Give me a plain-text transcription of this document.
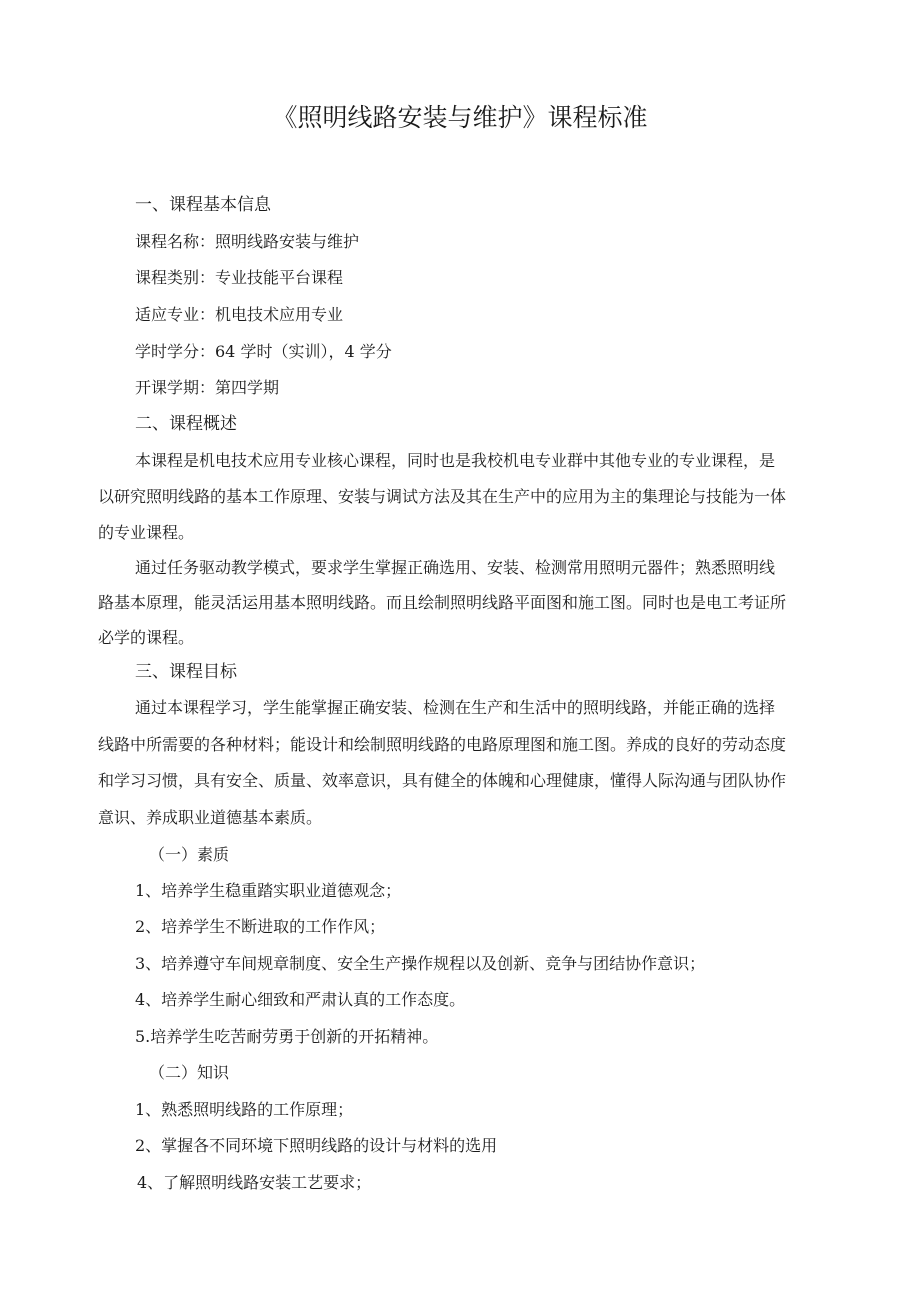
《照明线路安装与维护》课程标准

一、课程基本信息

课程名称：照明线路安装与维护

课程类别：专业技能平台课程

适应专业：机电技术应用专业

学时学分：64 学时（实训），4 学分

开课学期：第四学期

二、课程概述

本课程是机电技术应用专业核心课程，同时也是我校机电专业群中其他专业的专业课程，是

以研究照明线路的基本工作原理、安装与调试方法及其在生产中的应用为主的集理论与技能为一体

的专业课程。

通过任务驱动教学模式，要求学生掌握正确选用、安装、检测常用照明元器件；熟悉照明线

路基本原理，能灵活运用基本照明线路。而且绘制照明线路平面图和施工图。同时也是电工考证所

必学的课程。

三、课程目标

通过本课程学习，学生能掌握正确安装、检测在生产和生活中的照明线路，并能正确的选择

线路中所需要的各种材料；能设计和绘制照明线路的电路原理图和施工图。养成的良好的劳动态度

和学习习惯，具有安全、质量、效率意识，具有健全的体魄和心理健康，懂得人际沟通与团队协作

意识、养成职业道德基本素质。

（一）素质

1、培养学生稳重踏实职业道德观念；

2、培养学生不断进取的工作作风；

3、培养遵守车间规章制度、安全生产操作规程以及创新、竞争与团结协作意识；

4、培养学生耐心细致和严肃认真的工作态度。

5.培养学生吃苦耐劳勇于创新的开拓精神。

（二）知识

1、熟悉照明线路的工作原理；

2、掌握各不同环境下照明线路的设计与材料的选用

4、了解照明线路安装工艺要求；
